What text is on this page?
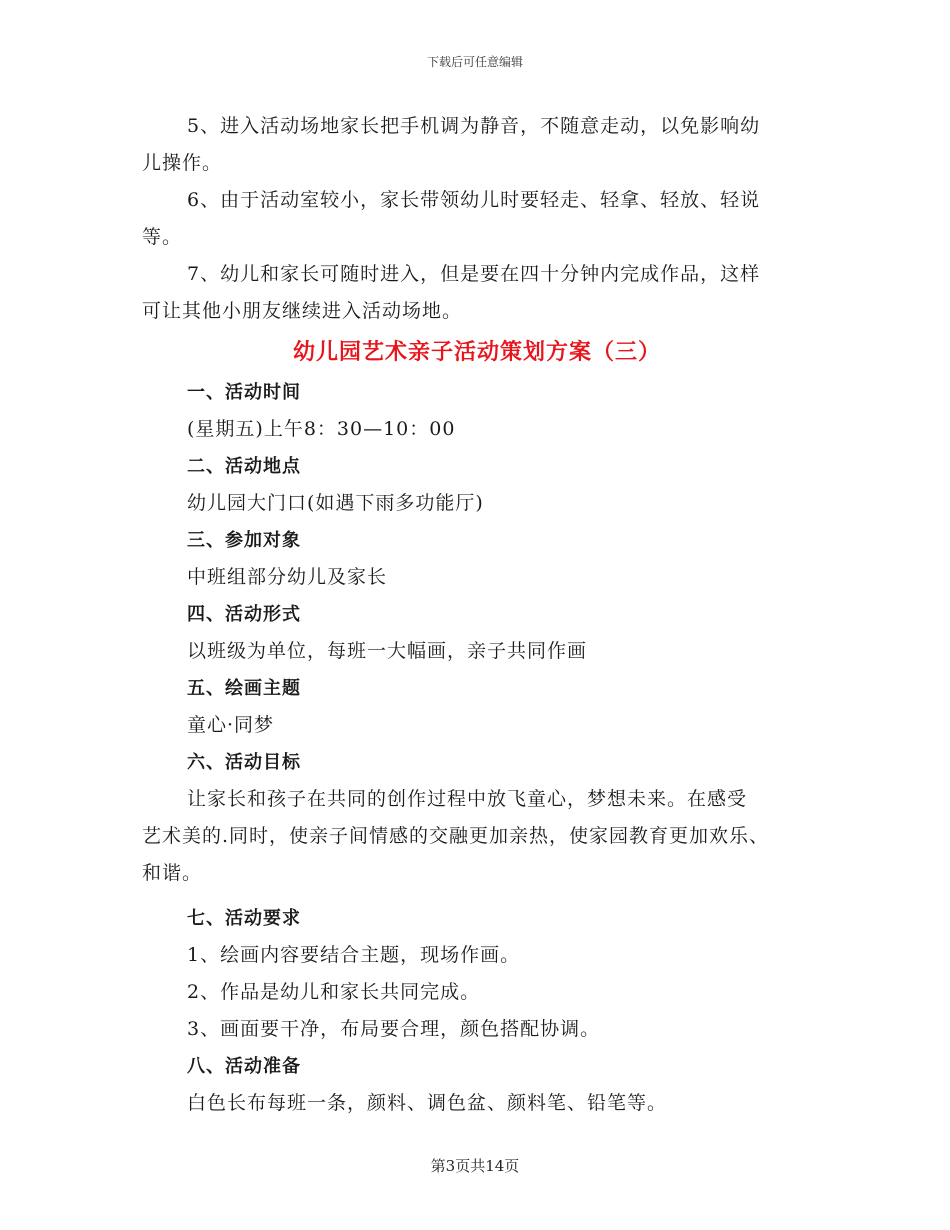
下载后可任意编辑
5、进入活动场地家长把手机调为静音，不随意走动，以免影响幼
儿操作。
6、由于活动室较小，家长带领幼儿时要轻走、轻拿、轻放、轻说
等。
7、幼儿和家长可随时进入，但是要在四十分钟内完成作品，这样
可让其他小朋友继续进入活动场地。
幼儿园艺术亲子活动策划方案（三）
一、活动时间
(星期五)上午8：30—10：00
二、活动地点
幼儿园大门口(如遇下雨多功能厅)
三、参加对象
中班组部分幼儿及家长
四、活动形式
以班级为单位，每班一大幅画，亲子共同作画
五、绘画主题
童心·同梦
六、活动目标
让家长和孩子在共同的创作过程中放飞童心，梦想未来。在感受
艺术美的.同时，使亲子间情感的交融更加亲热，使家园教育更加欢乐、
和谐。
七、活动要求
1、绘画内容要结合主题，现场作画。
2、作品是幼儿和家长共同完成。
3、画面要干净，布局要合理，颜色搭配协调。
八、活动准备
白色长布每班一条，颜料、调色盆、颜料笔、铅笔等。
第3页共14页
